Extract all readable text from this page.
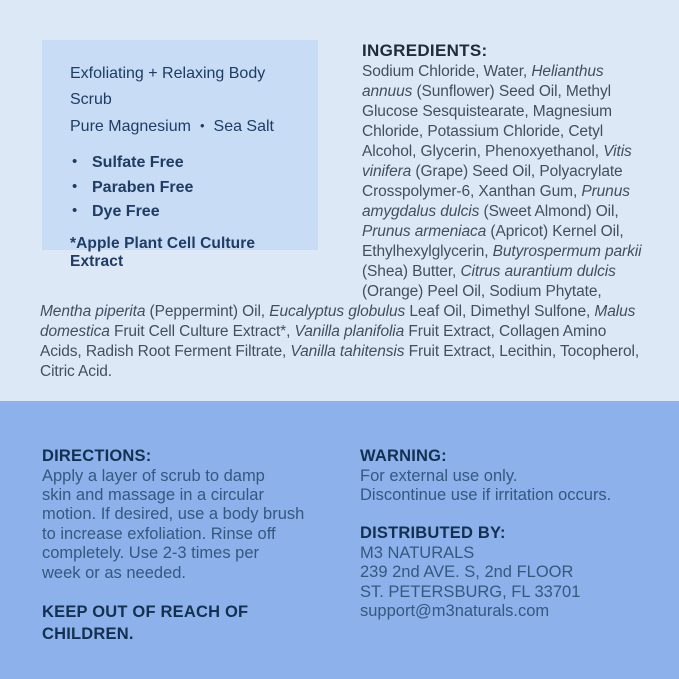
Exfoliating + Relaxing Body Scrub
Pure Magnesium • Sea Salt
• Sulfate Free
• Paraben Free
• Dye Free
*Apple Plant Cell Culture Extract
INGREDIENTS:

Sodium Chloride, Water, Helianthus annuus (Sunflower) Seed Oil, Methyl Glucose Sesquistearate, Magnesium Chloride, Potassium Chloride, Cetyl Alcohol, Glycerin, Phenoxyethanol, Vitis vinifera (Grape) Seed Oil, Polyacrylate Crosspolymer-6, Xanthan Gum, Prunus amygdalus dulcis (Sweet Almond) Oil, Prunus armeniaca (Apricot) Kernel Oil, Ethylhexylglycerin, Butyrospermum parkii (Shea) Butter, Citrus aurantium dulcis (Orange) Peel Oil, Sodium Phytate, Mentha piperita (Peppermint) Oil, Eucalyptus globulus Leaf Oil, Dimethyl Sulfone, Malus domestica Fruit Cell Culture Extract*, Vanilla planifolia Fruit Extract, Collagen Amino Acids, Radish Root Ferment Filtrate, Vanilla tahitensis Fruit Extract, Lecithin, Tocopherol, Citric Acid.

DIRECTIONS:
Apply a layer of scrub to damp
skin and massage in a circular
motion. If desired, use a body brush
to increase exfoliation. Rinse off
completely. Use 2-3 times per
week or as needed.
KEEP OUT OF REACH OF CHILDREN.
WARNING:
For external use only.
Discontinue use if irritation occurs.
DISTRIBUTED BY:
M3 NATURALS
239 2nd AVE. S, 2nd FLOOR
ST. PETERSBURG, FL 33701
support@m3naturals.com
